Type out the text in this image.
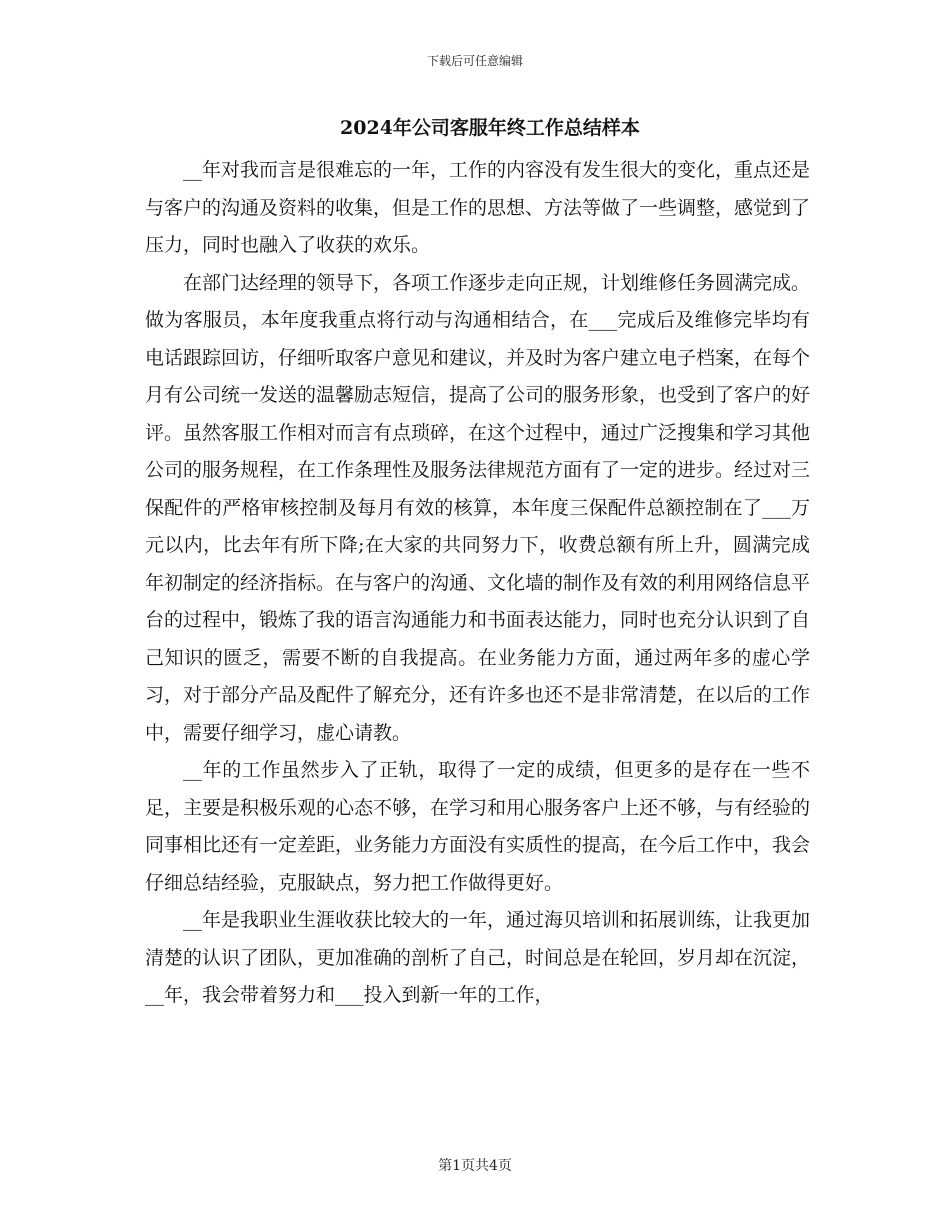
下载后可任意编辑
2024年公司客服年终工作总结样本

__年对我而言是很难忘的一年，工作的内容没有发生很大的变化，重点还是与客户的沟通及资料的收集，但是工作的思想、方法等做了一些调整，感觉到了压力，同时也融入了收获的欢乐。

在部门达经理的领导下，各项工作逐步走向正规，计划维修任务圆满完成。做为客服员，本年度我重点将行动与沟通相结合，在___完成后及维修完毕均有电话跟踪回访，仔细听取客户意见和建议，并及时为客户建立电子档案，在每个月有公司统一发送的温馨励志短信，提高了公司的服务形象，也受到了客户的好评。虽然客服工作相对而言有点琐碎，在这个过程中，通过广泛搜集和学习其他公司的服务规程，在工作条理性及服务法律规范方面有了一定的进步。经过对三保配件的严格审核控制及每月有效的核算，本年度三保配件总额控制在了___万元以内，比去年有所下降;在大家的共同努力下，收费总额有所上升，圆满完成年初制定的经济指标。在与客户的沟通、文化墙的制作及有效的利用网络信息平台的过程中，锻炼了我的语言沟通能力和书面表达能力，同时也充分认识到了自己知识的匮乏，需要不断的自我提高。在业务能力方面，通过两年多的虚心学习，对于部分产品及配件了解充分，还有许多也还不是非常清楚，在以后的工作中，需要仔细学习，虚心请教。

__年的工作虽然步入了正轨，取得了一定的成绩，但更多的是存在一些不足，主要是积极乐观的心态不够，在学习和用心服务客户上还不够，与有经验的同事相比还有一定差距，业务能力方面没有实质性的提高，在今后工作中，我会仔细总结经验，克服缺点，努力把工作做得更好。

__年是我职业生涯收获比较大的一年，通过海贝培训和拓展训练，让我更加清楚的认识了团队，更加准确的剖析了自己，时间总是在轮回，岁月却在沉淀，__年，我会带着努力和___投入到新一年的工作，

第1页共4页
